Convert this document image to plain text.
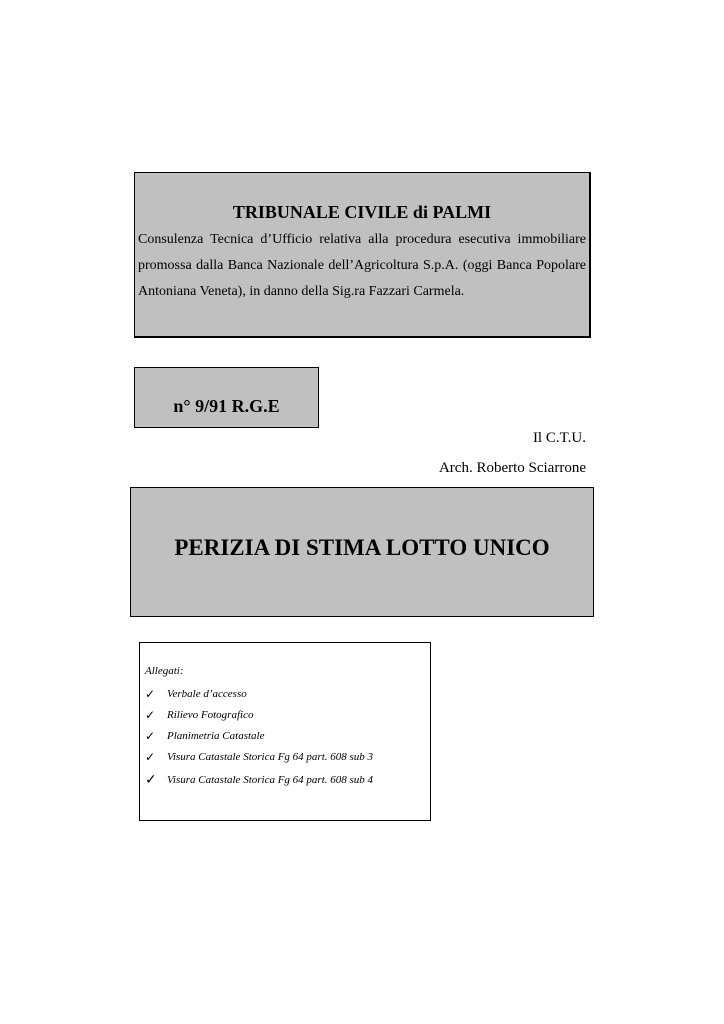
TRIBUNALE CIVILE di PALMI

Consulenza Tecnica d’Ufficio relativa alla procedura esecutiva immobiliare promossa dalla Banca Nazionale dell’Agricoltura S.p.A. (oggi Banca Popolare Antoniana Veneta), in danno della Sig.ra Fazzari Carmela.

n° 9/91 R.G.E
Il C.T.U.
Arch. Roberto Sciarrone
PERIZIA DI STIMA LOTTO UNICO
Allegati:
✓	Verbale d’accesso
✓	Rilievo Fotografico
✓	Planimetria Catastale
✓	Visura Catastale Storica Fg 64 part. 608 sub 3
✓ Visura Catastale Storica Fg 64 part. 608 sub 4
